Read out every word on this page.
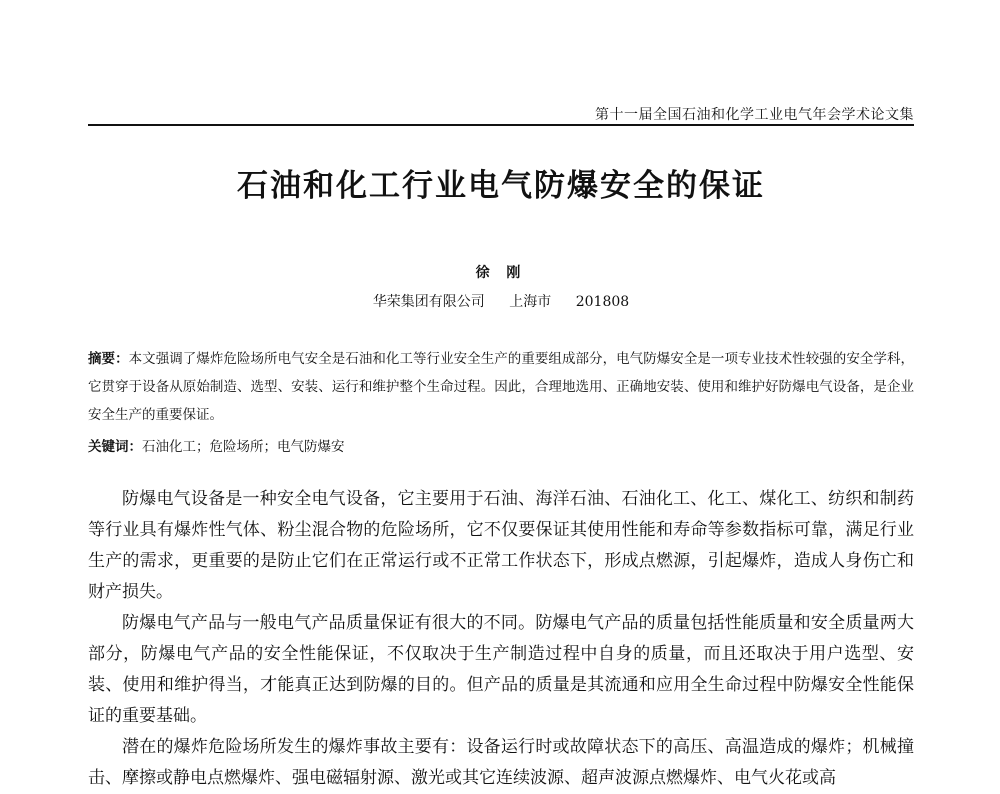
第十一届全国石油和化学工业电气年会学术论文集
石油和化工行业电气防爆安全的保证
徐 刚
华荣集团有限公司 上海市 201808
摘要：本文强调了爆炸危险场所电气安全是石油和化工等行业安全生产的重要组成部分，电气防爆安全是一项专业技术性较强的安全学科，它贯穿于设备从原始制造、选型、安装、运行和维护整个生命过程。因此，合理地选用、正确地安装、使用和维护好防爆电气设备，是企业安全生产的重要保证。
关键词：石油化工；危险场所；电气防爆安

防爆电气设备是一种安全电气设备，它主要用于石油、海洋石油、石油化工、化工、煤化工、纺织和制药等行业具有爆炸性气体、粉尘混合物的危险场所，它不仅要保证其使用性能和寿命等参数指标可靠，满足行业生产的需求，更重要的是防止它们在正常运行或不正常工作状态下，形成点燃源，引起爆炸，造成人身伤亡和财产损失。

防爆电气产品与一般电气产品质量保证有很大的不同。防爆电气产品的质量包括性能质量和安全质量两大部分，防爆电气产品的安全性能保证，不仅取决于生产制造过程中自身的质量，而且还取决于用户选型、安装、使用和维护得当，才能真正达到防爆的目的。但产品的质量是其流通和应用全生命过程中防爆安全性能保证的重要基础。

潜在的爆炸危险场所发生的爆炸事故主要有：设备运行时或故障状态下的高压、高温造成的爆炸；机械撞击、摩擦或静电点燃爆炸、强电磁辐射源、激光或其它连续波源、超声波源点燃爆炸、电气火花或高
